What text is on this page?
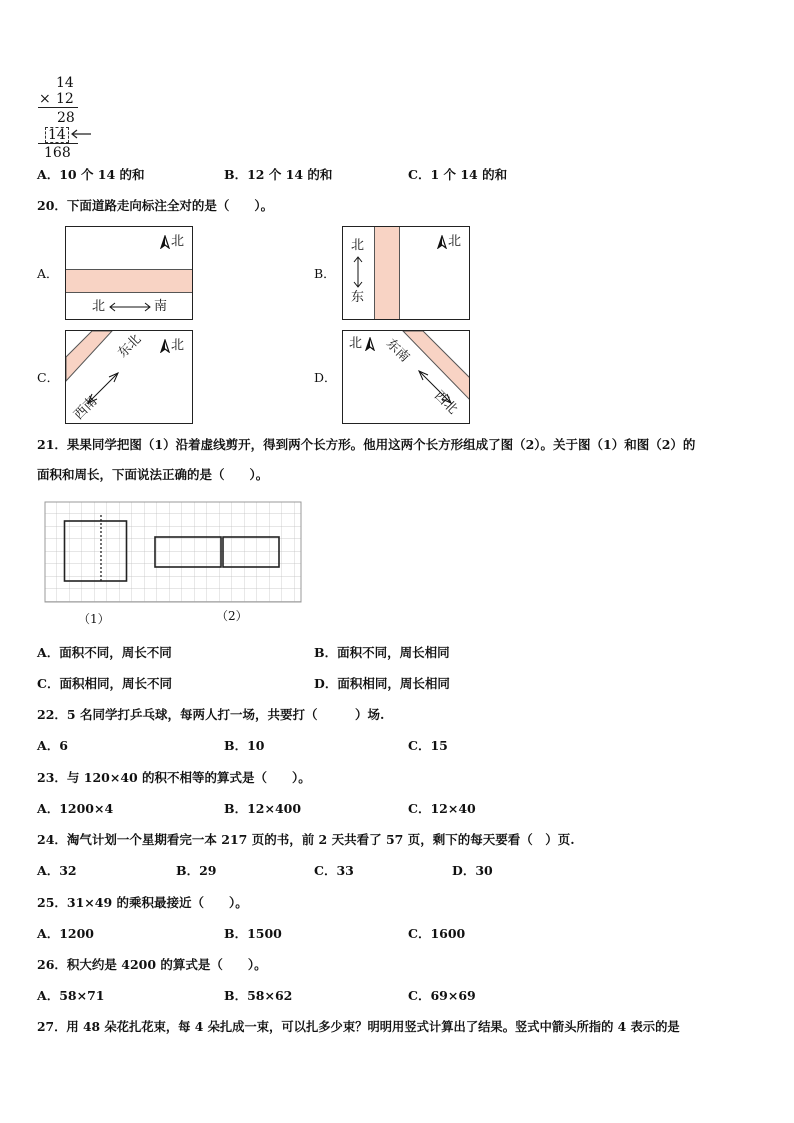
14
× 12
28
14
168
A．10 个 14 的和	B．12 个 14 的和	C．1 个 14 的和
20．下面道路走向标注全对的是（　　）。
A．
北
北	南
B．
北
北
东
C．
北
东北
西南
D．
北 东南
西北
21．果果同学把图（1）沿着虚线剪开，得到两个长方形。他用这两个长方形组成了图（2）。关于图（1）和图（2）的
面积和周长，下面说法正确的是（　　）。
（1）	（2）
A．面积不同，周长不同	B．面积不同，周长相同
C．面积相同，周长不同	D．面积相同，周长相同
22．5 名同学打乒乓球，每两人打一场，共要打（　　　）场.
A．6	B．10	C．15
23．与 120×40 的积不相等的算式是（　　）。
A．1200×4	B．12×400	C．12×40
24．淘气计划一个星期看完一本 217 页的书，前 2 天共看了 57 页，剩下的每天要看（　）页.
A．32	B．29	C．33	D．30
25．31×49 的乘积最接近（　　）。
A．1200	B．1500	C．1600
26．积大约是 4200 的算式是（　　）。
A．58×71	B．58×62	C．69×69
27．用 48 朵花扎花束，每 4 朵扎成一束，可以扎多少束？明明用竖式计算出了结果。竖式中箭头所指的 4 表示的是
